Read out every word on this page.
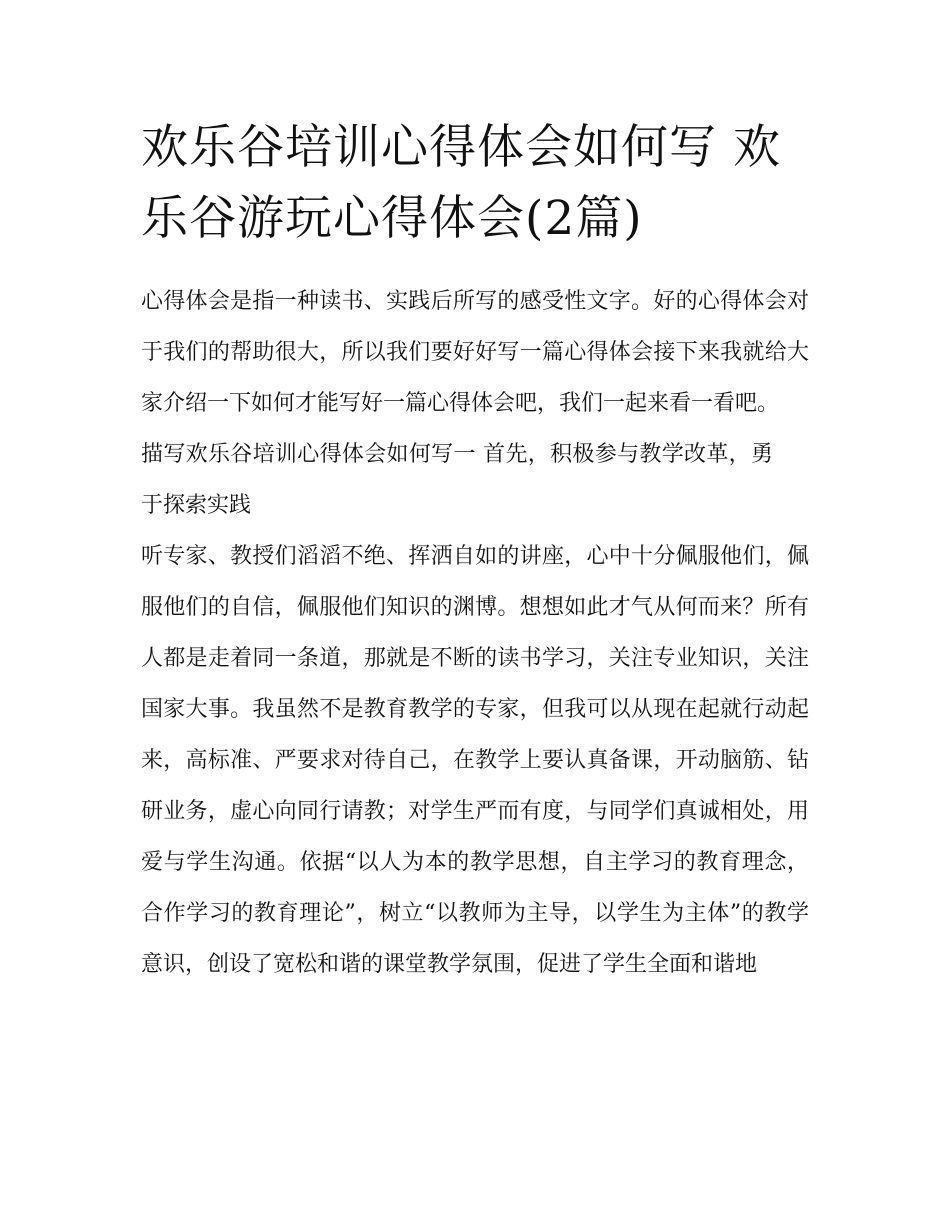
欢乐谷培训心得体会如何写 欢乐谷游玩心得体会(2篇)

心得体会是指一种读书、实践后所写的感受性文字。好的心得体会对于我们的帮助很大，所以我们要好好写一篇心得体会接下来我就给大家介绍一下如何才能写好一篇心得体会吧，我们一起来看一看吧。

描写欢乐谷培训心得体会如何写一 首先，积极参与教学改革，勇于探索实践

听专家、教授们滔滔不绝、挥洒自如的讲座，心中十分佩服他们，佩服他们的自信，佩服他们知识的渊博。想想如此才气从何而来？所有人都是走着同一条道，那就是不断的读书学习，关注专业知识，关注国家大事。我虽然不是教育教学的专家，但我可以从现在起就行动起来，高标准、严要求对待自己，在教学上要认真备课，开动脑筋、钻研业务，虚心向同行请教；对学生严而有度，与同学们真诚相处，用爱与学生沟通。依据“以人为本的教学思想，自主学习的教育理念，合作学习的教育理论”，树立“以教师为主导，以学生为主体”的教学意识，创设了宽松和谐的课堂教学氛围，促进了学生全面和谐地
